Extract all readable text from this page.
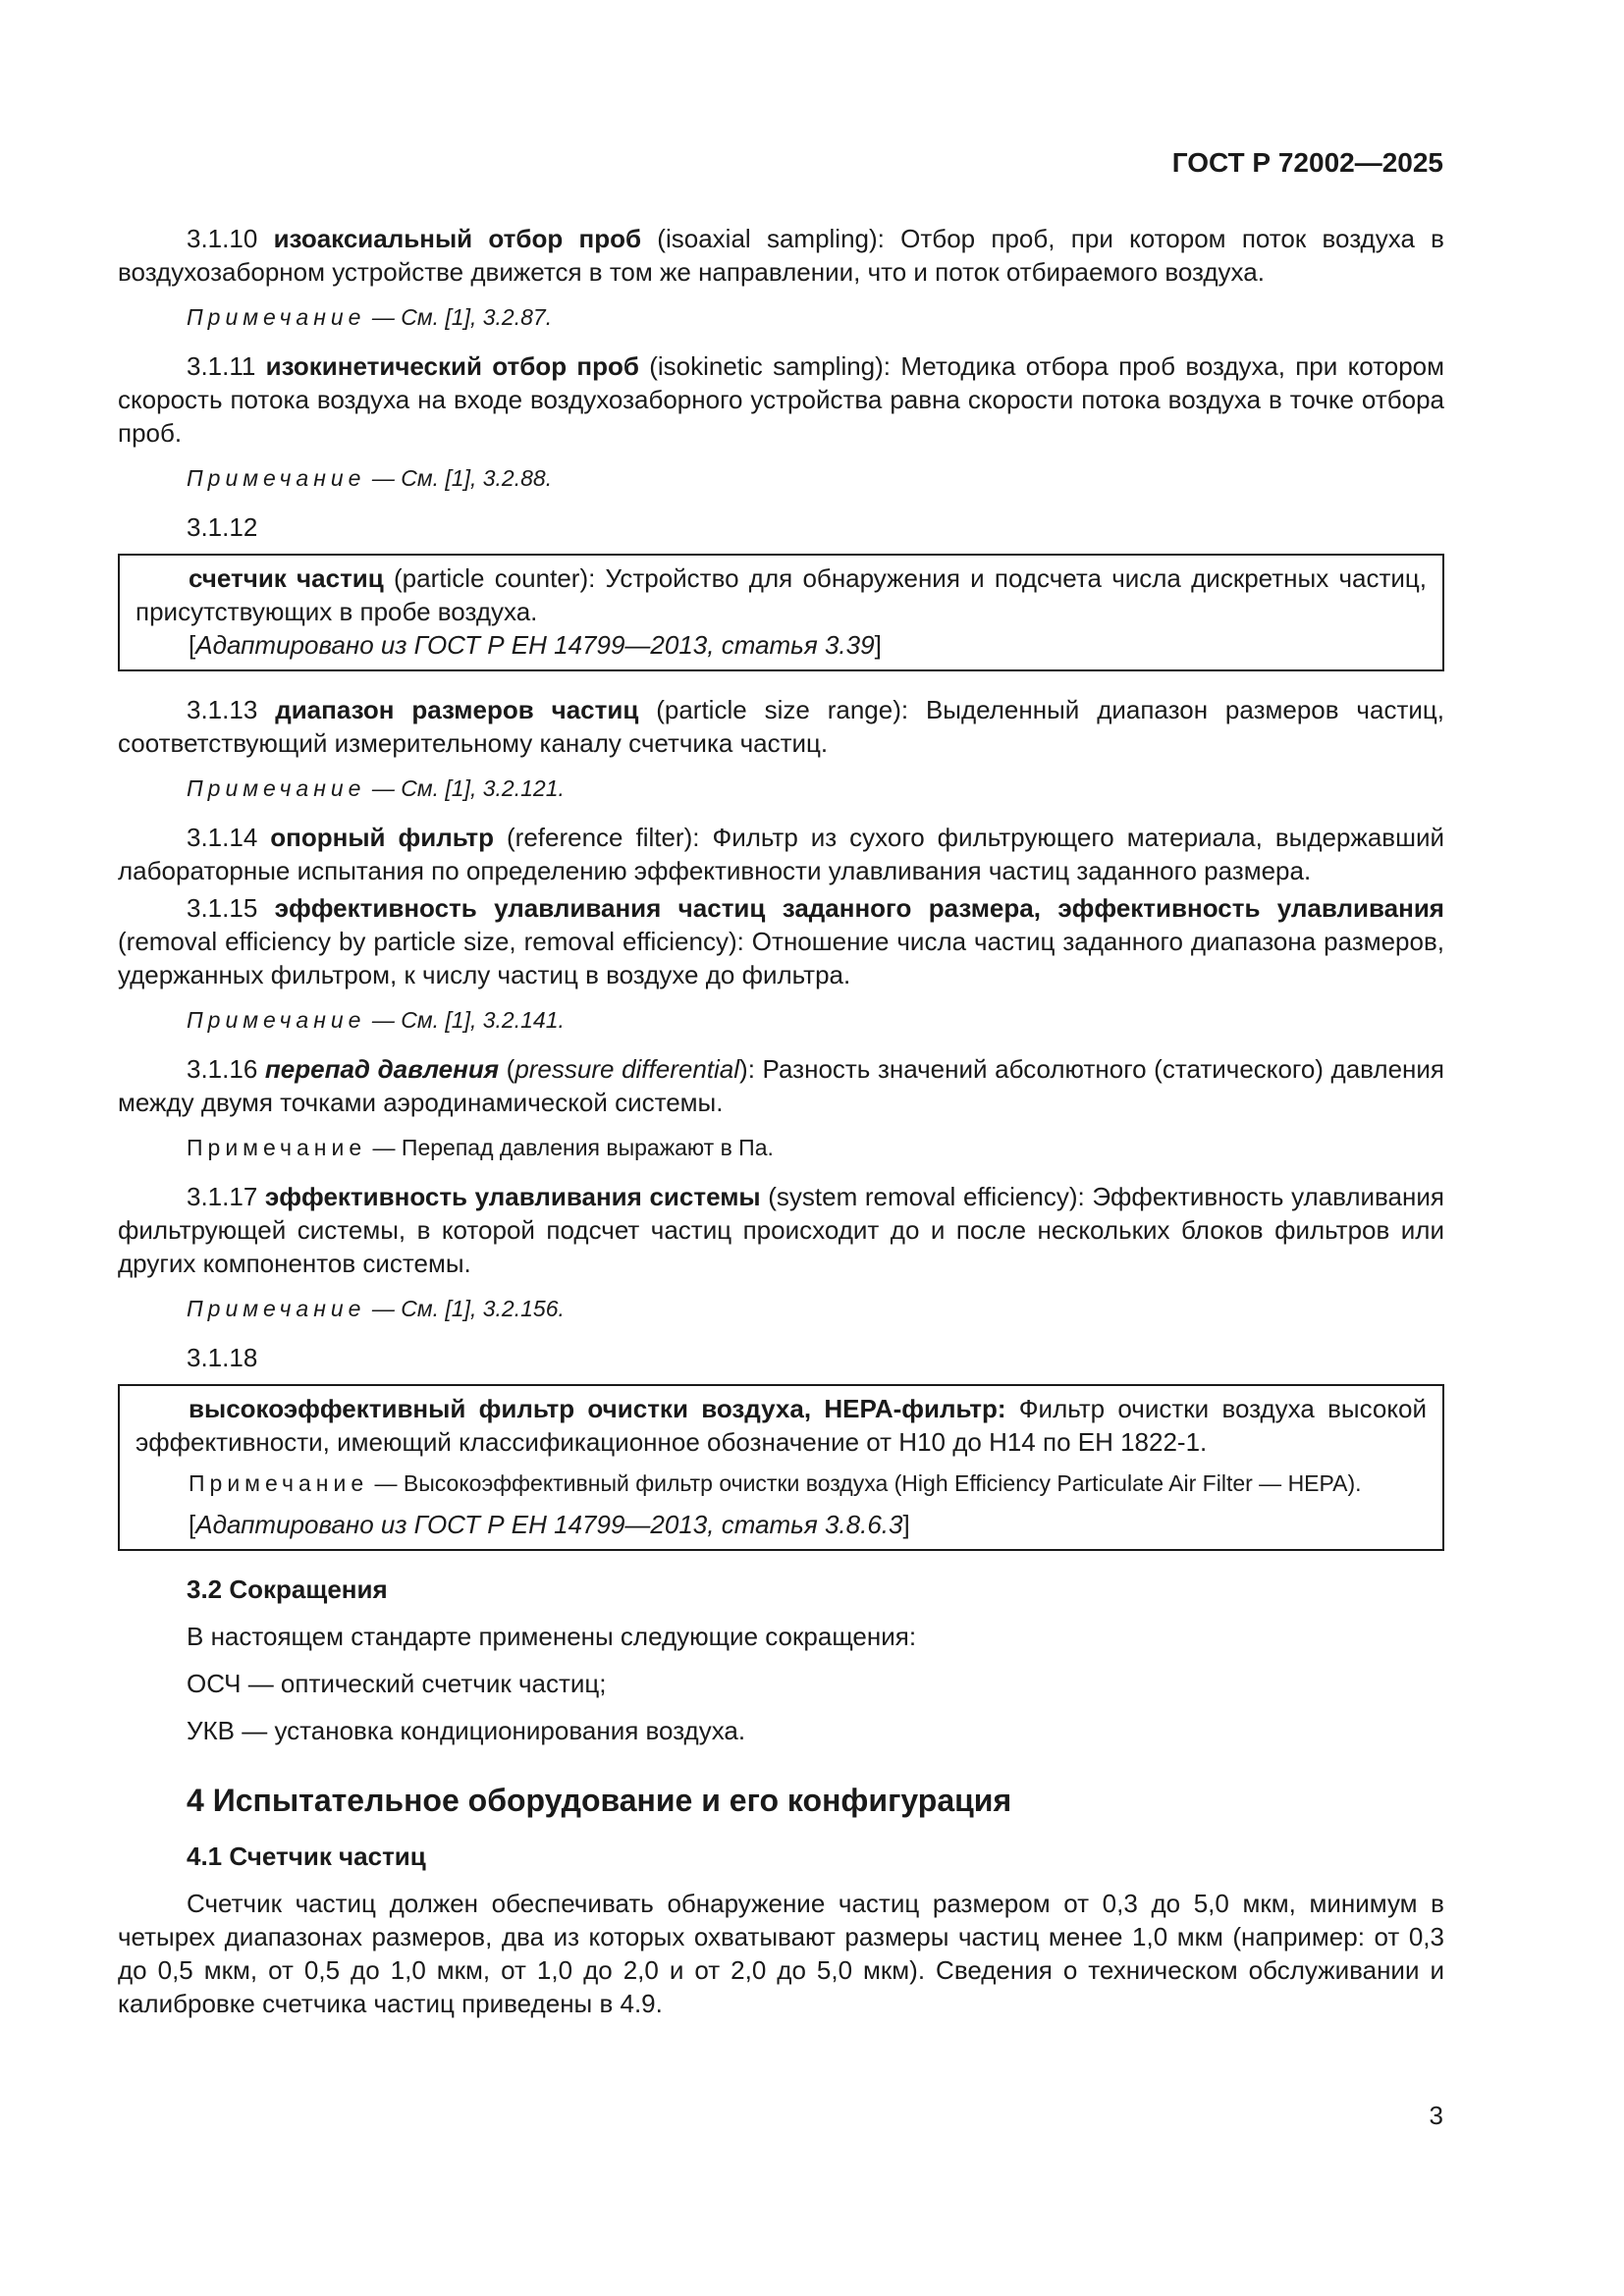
ГОСТ Р 72002—2025

3.1.10 изоаксиальный отбор проб (isoaxial sampling): Отбор проб, при котором поток воздуха в воздухозаборном устройстве движется в том же направлении, что и поток отбираемого воздуха.

Примечание — См. [1], 3.2.87.

3.1.11 изокинетический отбор проб (isokinetic sampling): Методика отбора проб воздуха, при котором скорость потока воздуха на входе воздухозаборного устройства равна скорости потока воздуха в точке отбора проб.

Примечание — См. [1], 3.2.88.

3.1.12

счетчик частиц (particle counter): Устройство для обнаружения и подсчета числа дискретных частиц, присутствующих в пробе воздуха.

[Адаптировано из ГОСТ Р ЕН 14799—2013, статья 3.39]

3.1.13 диапазон размеров частиц (particle size range): Выделенный диапазон размеров частиц, соответствующий измерительному каналу счетчика частиц.

Примечание — См. [1], 3.2.121.

3.1.14 опорный фильтр (reference filter): Фильтр из сухого фильтрующего материала, выдержавший лабораторные испытания по определению эффективности улавливания частиц заданного размера.

3.1.15 эффективность улавливания частиц заданного размера, эффективность улавливания (removal efficiency by particle size, removal efficiency): Отношение числа частиц заданного диапазона размеров, удержанных фильтром, к числу частиц в воздухе до фильтра.

Примечание — См. [1], 3.2.141.

3.1.16 перепад давления (pressure differential): Разность значений абсолютного (статического) давления между двумя точками аэродинамической системы.

Примечание — Перепад давления выражают в Па.

3.1.17 эффективность улавливания системы (system removal efficiency): Эффективность улавливания фильтрующей системы, в которой подсчет частиц происходит до и после нескольких блоков фильтров или других компонентов системы.

Примечание — См. [1], 3.2.156.

3.1.18

высокоэффективный фильтр очистки воздуха, HEPA-фильтр: Фильтр очистки воздуха высокой эффективности, имеющий классификационное обозначение от Н10 до Н14 по ЕН 1822-1.

Примечание — Высокоэффективный фильтр очистки воздуха (High Efficiency Particulate Air Filter — HEPA).

[Адаптировано из ГОСТ Р ЕН 14799—2013, статья 3.8.6.3]
3.2 Сокращения
В настоящем стандарте применены следующие сокращения:
ОСЧ — оптический счетчик частиц;
УКВ — установка кондиционирования воздуха.
4 Испытательное оборудование и его конфигурация
4.1 Счетчик частиц

Счетчик частиц должен обеспечивать обнаружение частиц размером от 0,3 до 5,0 мкм, минимум в четырех диапазонах размеров, два из которых охватывают размеры частиц менее 1,0 мкм (например: от 0,3 до 0,5 мкм, от 0,5 до 1,0 мкм, от 1,0 до 2,0 и от 2,0 до 5,0 мкм). Сведения о техническом обслуживании и калибровке счетчика частиц приведены в 4.9.

3
